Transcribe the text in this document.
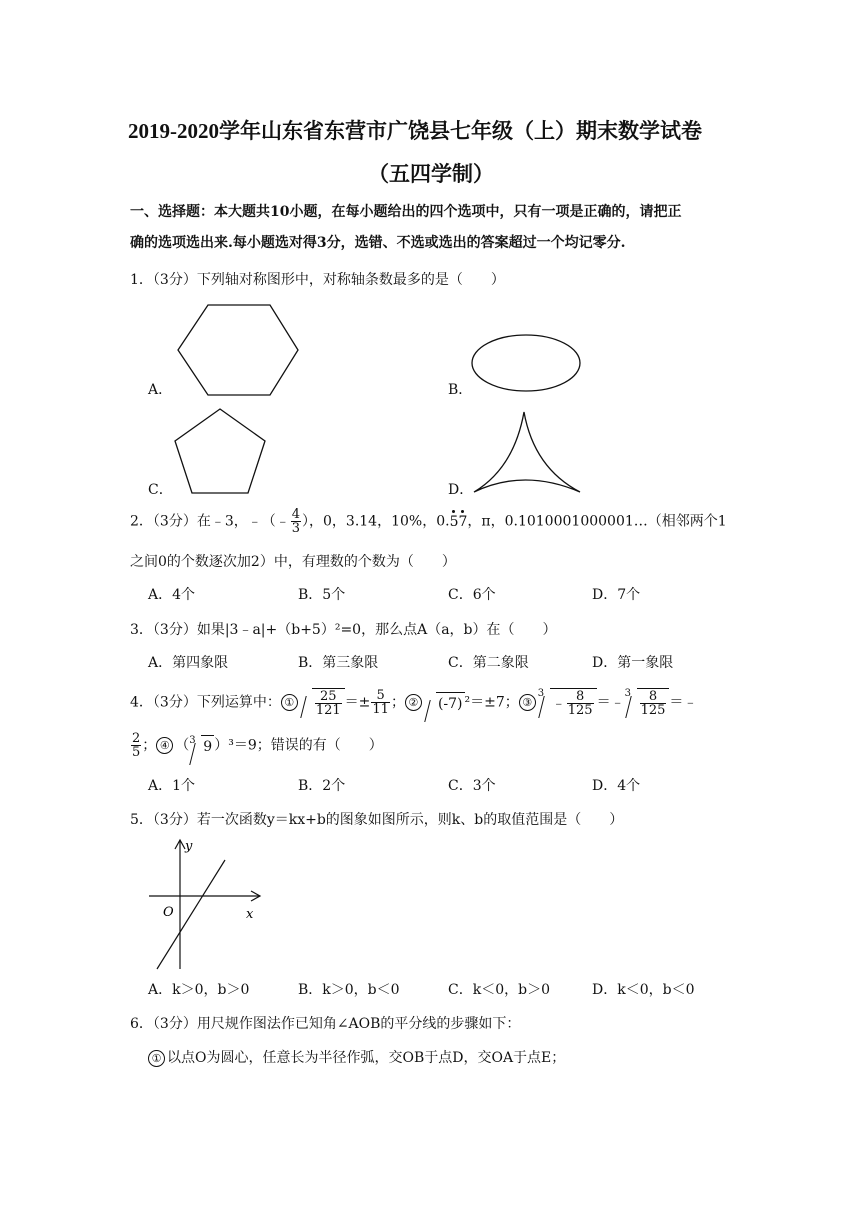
2019-2020学年山东省东营市广饶县七年级（上）期末数学试卷
（五四学制）
一、选择题：本大题共10小题，在每小题给出的四个选项中，只有一项是正确的，请把正
确的选项选出来.每小题选对得3分，选错、不选或选出的答案超过一个均记零分.
1．（3分）下列轴对称图形中，对称轴条数最多的是（　　）
A．	B．
C．	D．
2．（3分）在﹣3，﹣（﹣ $\frac{4}{3}$ ），0，3.14，10%，0.
57，π，0.1010001000001…（相邻两个1
之间0的个数逐次加2）中，有理数的个数为（　　）
A．4个	B．5个	C．6个	D．7个
3．（3分）如果|3﹣a|+（b+5）²=0，那么点A（a，b）在（　　）
A．第四象限	B．第三象限	C．第二象限	D．第一象限
4．（3分）下列运算中： ① $\frac{25}{121} =\pm \frac{5}{11}$ ； ② (-7) ²＝±7； ③
3
﹣ $\frac{8}{125}$ ＝﹣
$3 \frac{8}{125}$ ＝﹣
$\frac{2}{5}$ ； ④ （ 3 9 ）³＝9；错误的有（　　）
A．1个	B．2个	C．3个	D．4个
5．（3分）若一次函数y＝kx+b的图象如图所示，则k、b的取值范围是（　　）
y
x
O
A．k＞0，b＞0	B．k＞0，b＜0	C．k＜0，b＞0	D．k＜0，b＜0
6．（3分）用尺规作图法作已知角∠AOB的平分线的步骤如下：
① 以点O为圆心，任意长为半径作弧，交OB于点D，交OA于点E；
